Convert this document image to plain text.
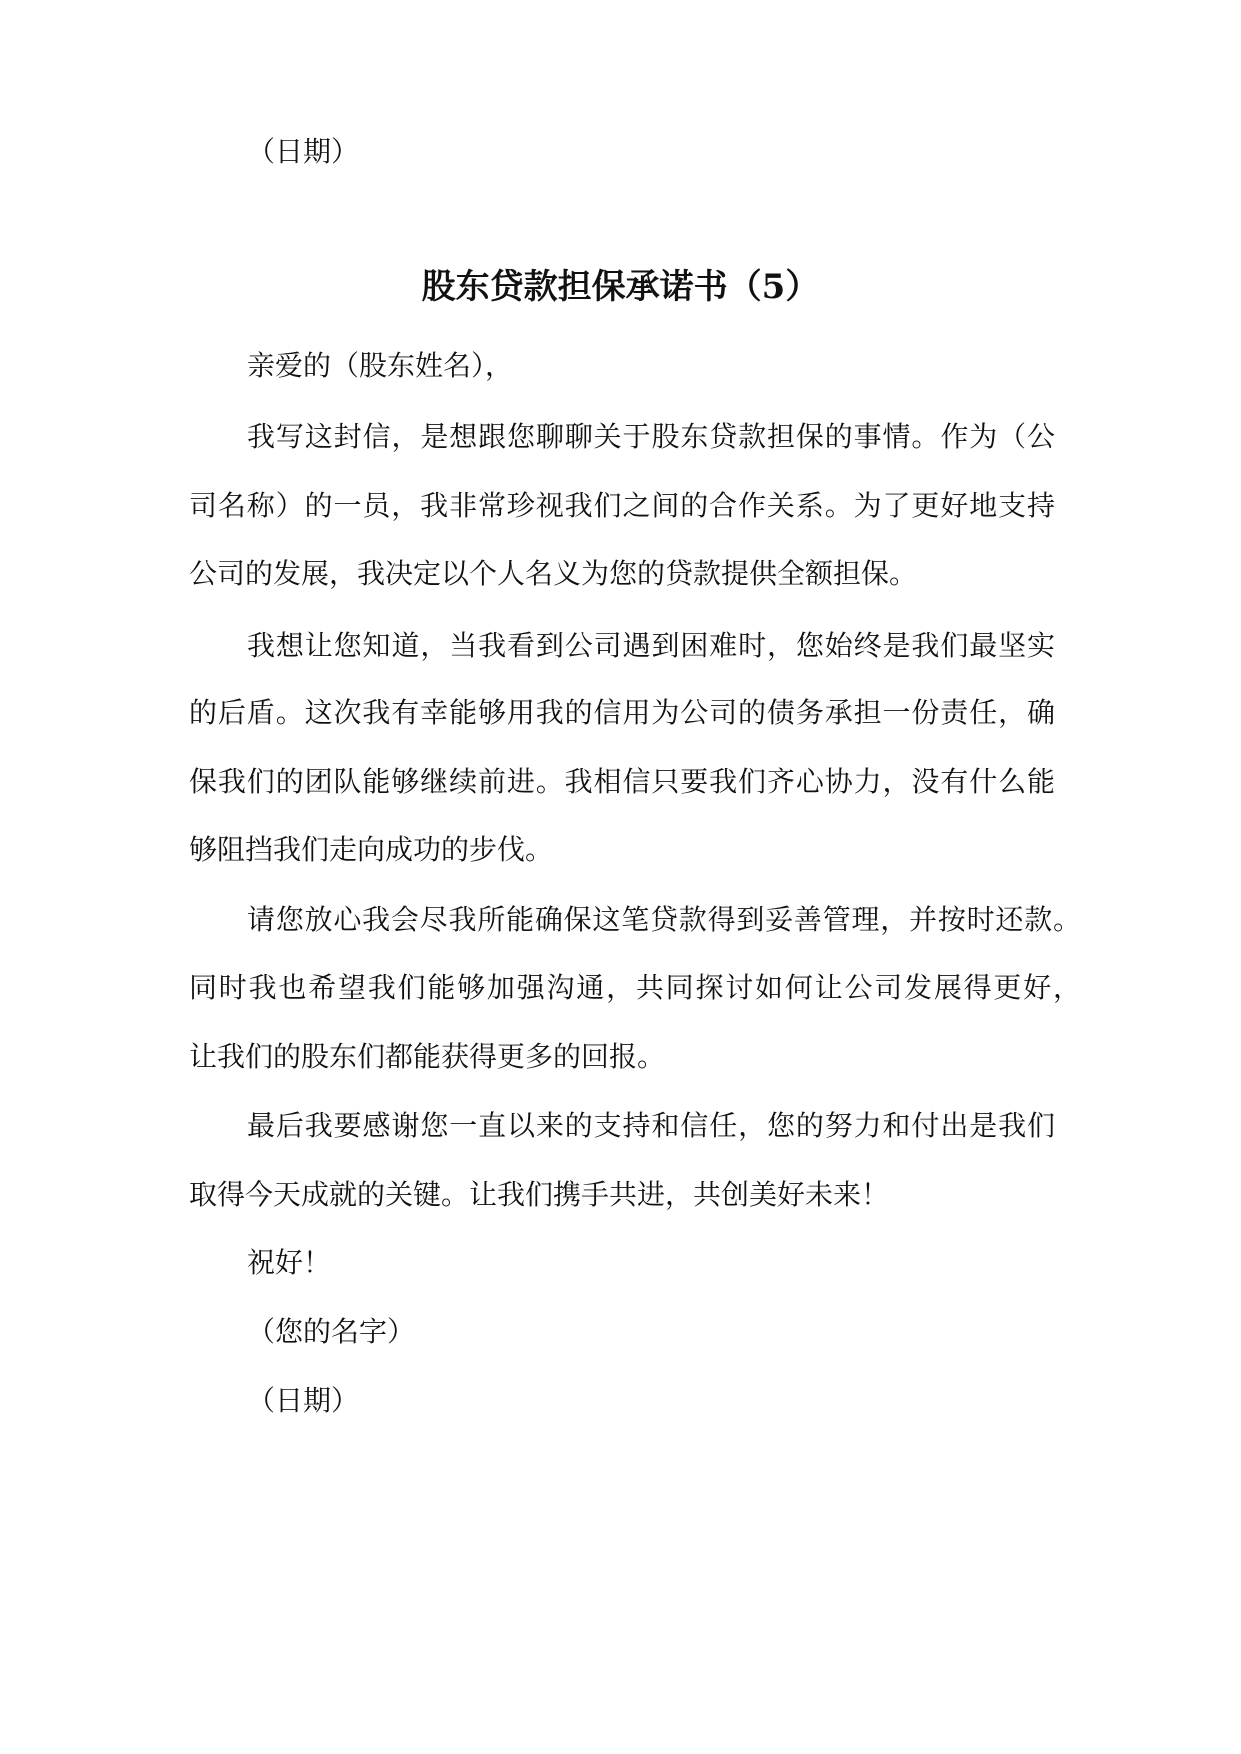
（日期）

股东贷款担保承诺书（5）

亲爱的（股东姓名），

我写这封信，是想跟您聊聊关于股东贷款担保的事情。作为（公

司名称）的一员，我非常珍视我们之间的合作关系。为了更好地支持

公司的发展，我决定以个人名义为您的贷款提供全额担保。

我想让您知道，当我看到公司遇到困难时，您始终是我们最坚实

的后盾。这次我有幸能够用我的信用为公司的债务承担一份责任，确

保我们的团队能够继续前进。我相信只要我们齐心协力，没有什么能

够阻挡我们走向成功的步伐。

请您放心我会尽我所能确保这笔贷款得到妥善管理，并按时还款。

同时我也希望我们能够加强沟通，共同探讨如何让公司发展得更好，

让我们的股东们都能获得更多的回报。

最后我要感谢您一直以来的支持和信任，您的努力和付出是我们

取得今天成就的关键。让我们携手共进，共创美好未来！

祝好！

（您的名字）

（日期）
